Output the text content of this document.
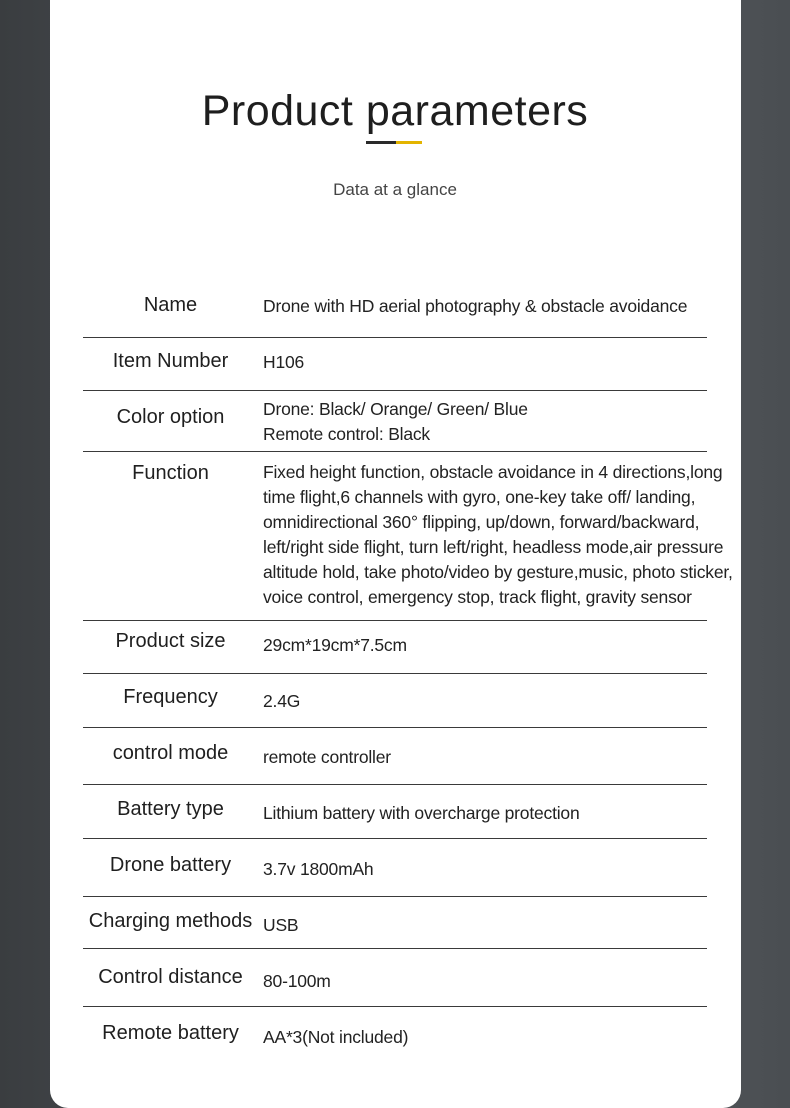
Product parameters
Data at a glance
Name	Drone with HD aerial photography & obstacle avoidance
Item Number	H106
Color option	Drone: Black/ Orange/ Green/ Blue
Remote control: Black
Function	Fixed height function, obstacle avoidance in 4 directions,long
time flight,6 channels with gyro, one-key take off/ landing,
omnidirectional 360° flipping, up/down, forward/backward,
left/right side flight, turn left/right, headless mode,air pressure
altitude hold, take photo/video by gesture,music, photo sticker,
voice control, emergency stop, track flight, gravity sensor
Product size	29cm*19cm*7.5cm
Frequency	2.4G
control mode	remote controller
Battery type	Lithium battery with overcharge protection
Drone battery	3.7v 1800mAh
Charging methods USB
Control distance	80-100m
Remote battery	AA*3(Not included)
